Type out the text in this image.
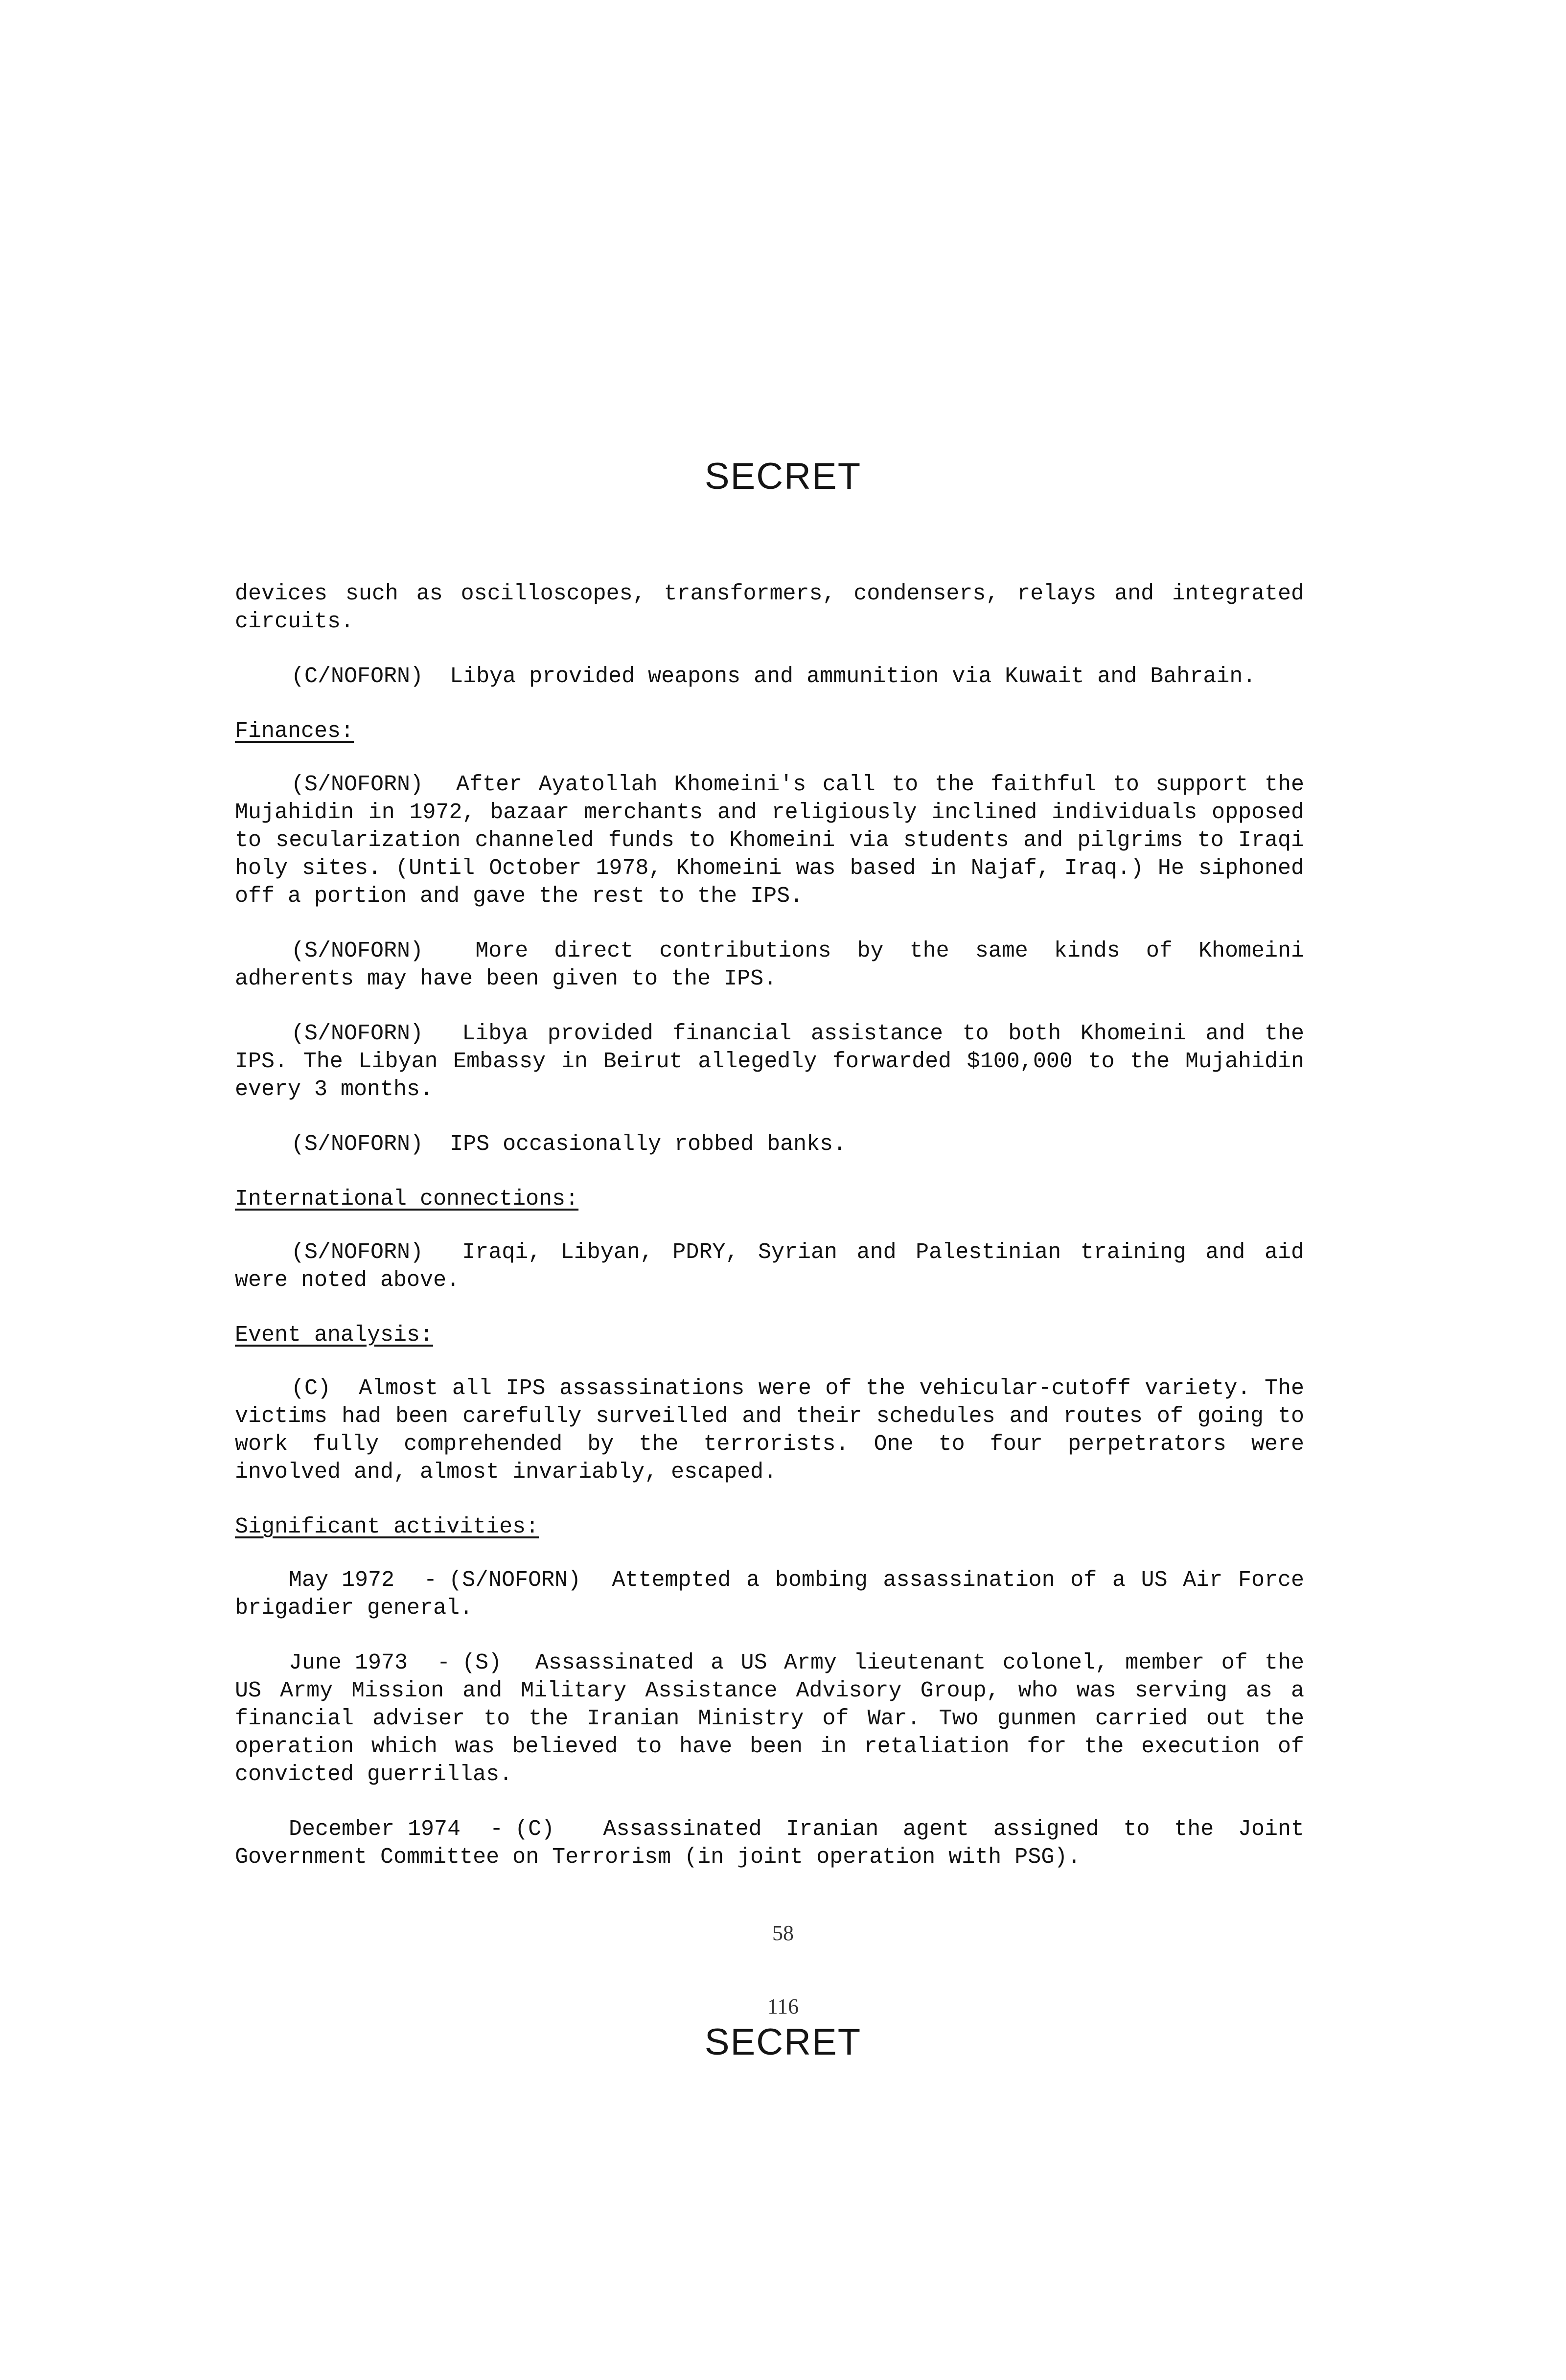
SECRET

devices such as oscilloscopes, transformers, condensers, relays and integrated circuits.

(C/NOFORN) Libya provided weapons and ammunition via Kuwait and Bahrain.

Finances:

(S/NOFORN) After Ayatollah Khomeini's call to the faithful to support the Mujahidin in 1972, bazaar merchants and religiously inclined individuals opposed to secularization channeled funds to Khomeini via students and pilgrims to Iraqi holy sites. (Until October 1978, Khomeini was based in Najaf, Iraq.) He siphoned off a portion and gave the rest to the IPS.

(S/NOFORN) More direct contributions by the same kinds of Khomeini adherents may have been given to the IPS.

(S/NOFORN) Libya provided financial assistance to both Khomeini and the IPS. The Libyan Embassy in Beirut allegedly forwarded $100,000 to the Mujahidin every 3 months.

(S/NOFORN) IPS occasionally robbed banks.

International connections:

(S/NOFORN) Iraqi, Libyan, PDRY, Syrian and Palestinian training and aid were noted above.

Event analysis:

(C) Almost all IPS assassinations were of the vehicular-cutoff variety. The victims had been carefully surveilled and their schedules and routes of going to work fully comprehended by the terrorists. One to four perpetrators were involved and, almost invariably, escaped.

Significant activities:

May 1972 - (S/NOFORN) Attempted a bombing assassination of a US Air Force brigadier general.

June 1973 - (S) Assassinated a US Army lieutenant colonel, member of the US Army Mission and Military Assistance Advisory Group, who was serving as a financial adviser to the Iranian Ministry of War. Two gunmen carried out the operation which was believed to have been in retaliation for the execution of convicted guerrillas.

December 1974 - (C) Assassinated Iranian agent assigned to the Joint Government Committee on Terrorism (in joint operation with PSG).

58
116
SECRET
